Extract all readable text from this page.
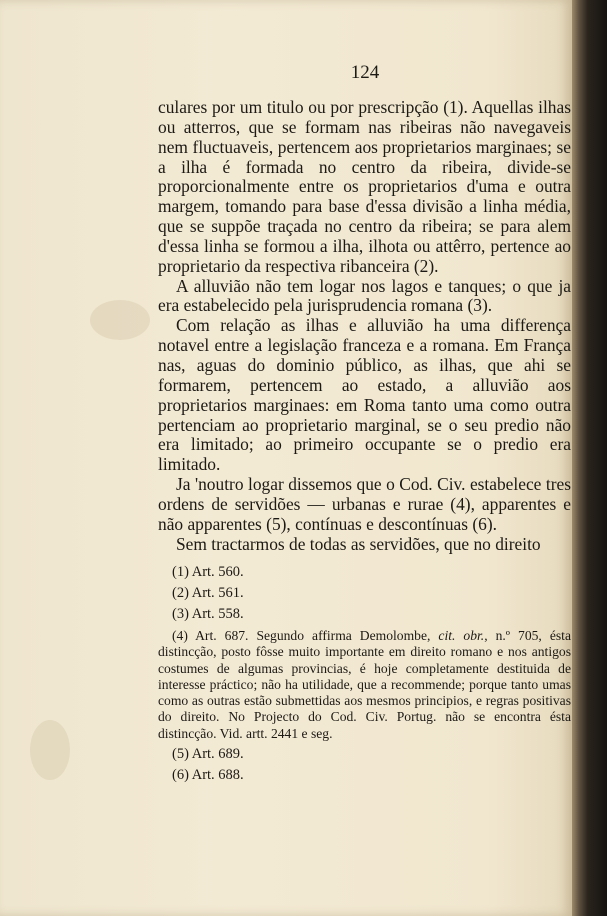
124

culares por um titulo ou por prescripção (1). Aquellas ilhas ou atterros, que se formam nas ribeiras não navegaveis nem fluctuaveis, pertencem aos proprietarios marginaes; se a ilha é formada no centro da ribeira, divide-se proporcionalmente entre os proprietarios d'uma e outra margem, tomando para base d'essa divisão a linha média, que se suppõe traçada no centro da ribeira; se para alem d'essa linha se formou a ilha, ilhota ou attêrro, pertence ao proprietario da respectiva ribanceira (2).

A alluvião não tem logar nos lagos e tanques; o que ja era estabelecido pela jurisprudencia romana (3).

Com relação as ilhas e alluvião ha uma differença notavel entre a legislação franceza e a romana. Em França nas, aguas do dominio público, as ilhas, que ahi se formarem, pertencem ao estado, a alluvião aos proprietarios marginaes: em Roma tanto uma como outra pertenciam ao proprietario marginal, se o seu predio não era limitado; ao primeiro occupante se o predio era limitado.

Ja 'noutro logar dissemos que o Cod. Civ. estabelece tres ordens de servidões — urbanas e rurae (4), apparentes e não apparentes (5), contínuas e descontínuas (6).

Sem tractarmos de todas as servidões, que no direito

(1) Art. 560.

(2) Art. 561.

(3) Art. 558.

(4) Art. 687. Segundo affirma Demolombe, cit. obr., n.º 705, ésta distincção, posto fôsse muito importante em direito romano e nos antigos costumes de algumas provincias, é hoje completamente destituida de interesse práctico; não ha utilidade, que a recommende; porque tanto umas como as outras estão submettidas aos mesmos principios, e regras positivas do direito. No Projecto do Cod. Civ. Portug. não se encontra ésta distincção. Vid. artt. 2441 e seg.

(5) Art. 689.

(6) Art. 688.
